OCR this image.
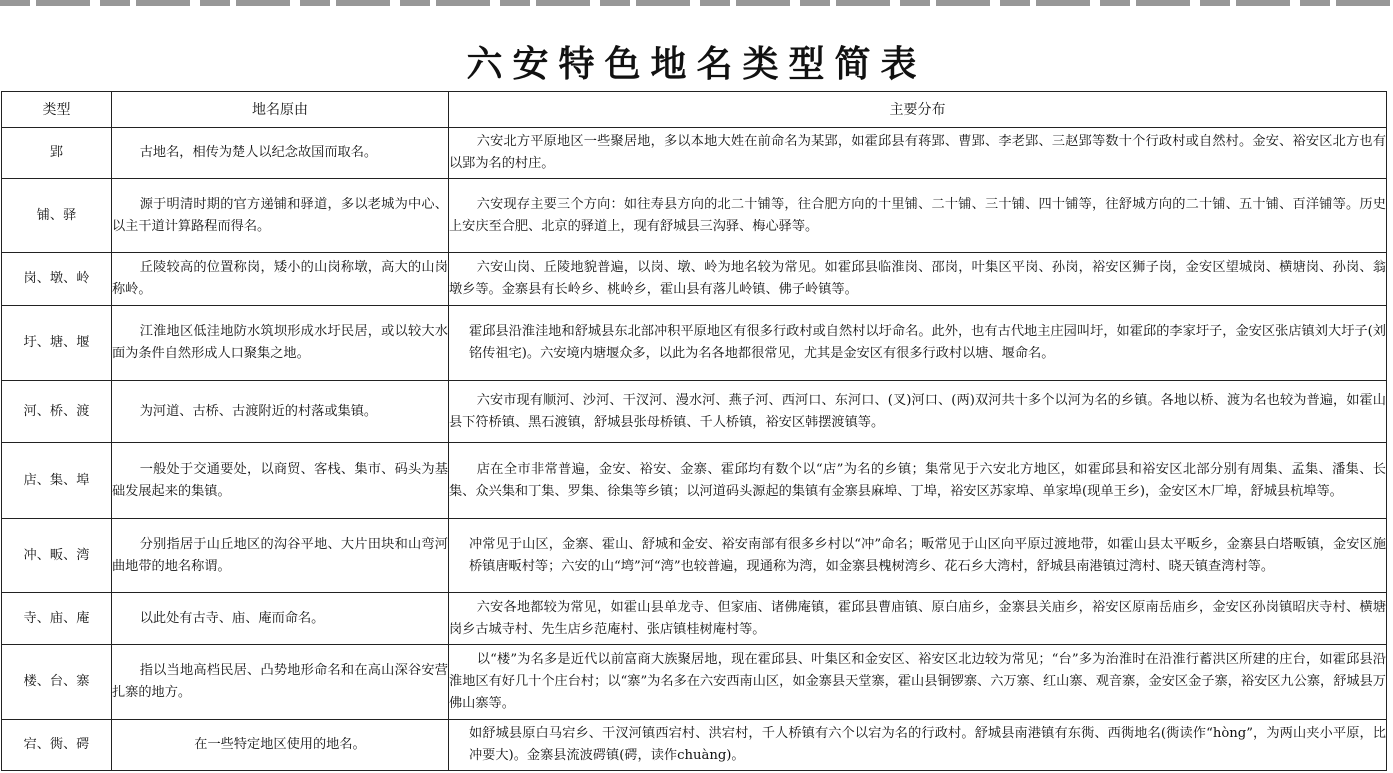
六安特色地名类型简表
类型	地名原由	主要分布
郢	古地名，相传为楚人以纪念故国而取名。	六安北方平原地区一些聚居地，多以本地大姓在前命名为某郢，如霍邱县有蒋郢、曹郢、李老郢、三赵郢等数十个行政村或自然村。金安、裕安区北方也有以郢为名的村庄。
铺、驿	源于明清时期的官方递铺和驿道，多以老城为中心、以主干道计算路程而得名。	六安现存主要三个方向：如往寿县方向的北二十铺等，往合肥方向的十里铺、二十铺、三十铺、四十铺等，往舒城方向的二十铺、五十铺、百洋铺等。历史上安庆至合肥、北京的驿道上，现有舒城县三沟驿、梅心驿等。
岗、墩、岭	丘陵较高的位置称岗，矮小的山岗称墩，高大的山岗称岭。	六安山岗、丘陵地貌普遍，以岗、墩、岭为地名较为常见。如霍邱县临淮岗、邵岗，叶集区平岗、孙岗，裕安区狮子岗，金安区望城岗、横塘岗、孙岗、翁墩乡等。金寨县有长岭乡、桃岭乡，霍山县有落儿岭镇、佛子岭镇等。
圩、塘、堰	江淮地区低洼地防水筑坝形成水圩民居，或以较大水面为条件自然形成人口聚集之地。	霍邱县沿淮洼地和舒城县东北部冲积平原地区有很多行政村或自然村以圩命名。此外，也有古代地主庄园叫圩，如霍邱的李家圩子，金安区张店镇刘大圩子(刘铭传祖宅)。六安境内塘堰众多，以此为名各地都很常见，尤其是金安区有很多行政村以塘、堰命名。
河、桥、渡	为河道、古桥、古渡附近的村落或集镇。	六安市现有顺河、沙河、干汊河、漫水河、燕子河、西河口、东河口、(叉)河口、(两)双河共十多个以河为名的乡镇。各地以桥、渡为名也较为普遍，如霍山县下符桥镇、黑石渡镇，舒城县张母桥镇、千人桥镇，裕安区韩摆渡镇等。
店、集、埠	一般处于交通要处，以商贸、客栈、集市、码头为基础发展起来的集镇。	店在全市非常普遍，金安、裕安、金寨、霍邱均有数个以“店”为名的乡镇；集常见于六安北方地区，如霍邱县和裕安区北部分别有周集、孟集、潘集、长集、众兴集和丁集、罗集、徐集等乡镇；以河道码头源起的集镇有金寨县麻埠、丁埠，裕安区苏家埠、单家埠(现单王乡)，金安区木厂埠，舒城县杭埠等。
冲、畈、湾	分别指居于山丘地区的沟谷平地、大片田块和山弯河曲地带的地名称谓。	冲常见于山区，金寨、霍山、舒城和金安、裕安南部有很多乡村以“冲”命名；畈常见于山区向平原过渡地带，如霍山县太平畈乡，金寨县白塔畈镇，金安区施桥镇唐畈村等；六安的山“塆”河“湾”也较普遍，现通称为湾，如金寨县槐树湾乡、花石乡大湾村，舒城县南港镇过湾村、晓天镇查湾村等。
寺、庙、庵	以此处有古寺、庙、庵而命名。	六安各地都较为常见，如霍山县单龙寺、但家庙、诸佛庵镇，霍邱县曹庙镇、原白庙乡，金寨县关庙乡，裕安区原南岳庙乡，金安区孙岗镇昭庆寺村、横塘岗乡古城寺村、先生店乡范庵村、张店镇桂树庵村等。
楼、台、寨	指以当地高档民居、凸势地形命名和在高山深谷安营扎寨的地方。	以“楼”为名多是近代以前富商大族聚居地，现在霍邱县、叶集区和金安区、裕安区北边较为常见；“台”多为治淮时在沿淮行蓄洪区所建的庄台，如霍邱县沿淮地区有好几十个庄台村；以“寨”为名多在六安西南山区，如金寨县天堂寨，霍山县铜锣寨、六万寨、红山寨、观音寨，金安区金子寨，裕安区九公寨，舒城县万佛山寨等。
宕、衖、𥔲	在一些特定地区使用的地名。	如舒城县原白马宕乡、干汊河镇西宕村、洪宕村，千人桥镇有六个以宕为名的行政村。舒城县南港镇有东衖、西衖地名(衖读作“hòng”，为两山夹小平原，比冲要大)。金寨县流波𥔲镇(𥔲，读作chuàng)。
